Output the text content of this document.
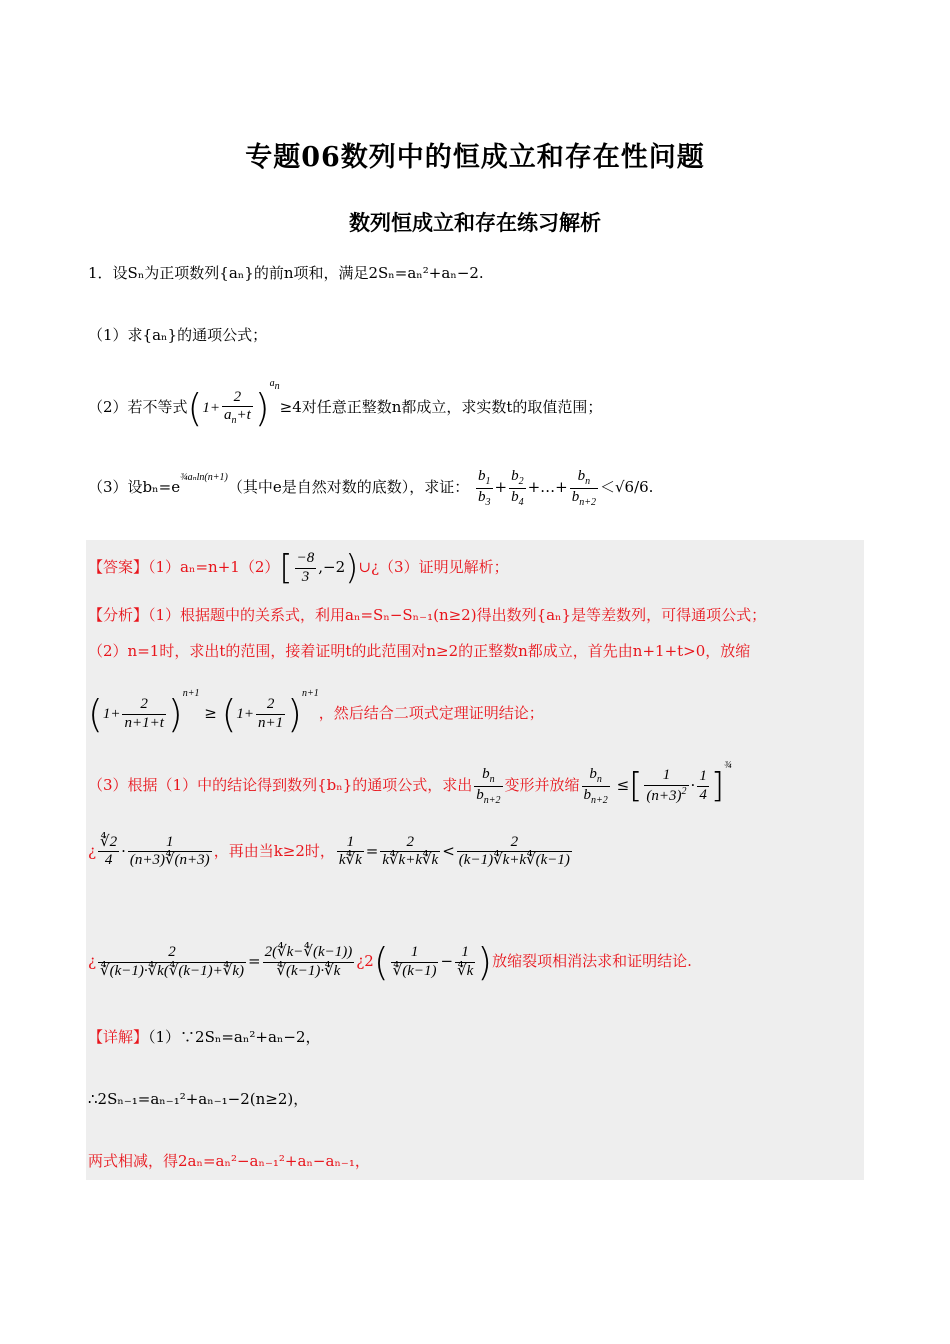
专题06数列中的恒成立和存在性问题
数列恒成立和存在练习解析
1．设Sₙ为正项数列{aₙ}的前n项和，满足2Sₙ=aₙ²+aₙ−2.
（1）求{aₙ}的通项公式；
（2）若不等式$(1+ \frac{2}{a_n+t} )^{a_n}\ge 4$对任意正整数n都成立，求实数t的取值范围；
（3）设$b_n=e^{\frac{3}{4}a_nln(n+1)}$（其中e是自然对数的底数），求证： $\frac{b_1}{b_3} + \frac{b_2}{b_4}$ +…+ $\frac{b_n}{b_{n+2}} <√6/6$.
【答案】$(1)a_n=n+1(2)[ \frac{-8}{3}$ ,−2)∪¿（3）证明见解析；
【分析】（1）根据题中的关系式，利用aₙ=Sₙ−Sₙ₋₁(n≥2)得出数列{aₙ}是等差数列，可得通项公式；
（2）n=1时，求出t的范围，接着证明t的此范围对n≥2的正整数n都成立，首先由n+1+t>0，放缩
$(1+ \frac{2}{n+1+t} )^{n+1} \ge (1+ \frac{2}{n+1} )^{n+1}$，然后结合二项式定理证明结论；
（3）根据（1）中的结论得到数列{bₙ}的通项公式，求出 $\frac{b_n}{b_{n+2}}$ 变形并放缩 $\frac{b_n}{b_{n+2}}$ ≤[ $\frac{1}{(n+3)^2} \cdot \frac{1}{4} ]^{\frac{3}{4}}$
¿ $\frac{∜2}{4} \cdot \frac{1}{(n+3)∜(n+3)}$ ，再由当k≥2时， $\frac{1}{k∜k} = \frac{2}{k∜k+k∜k} < \frac{2}{(k-1)∜k+k∜(k-1)}$
¿ $\frac{2}{∜(k-1)\cdot∜k(∜(k-1)+∜k)} = \frac{2(∜k-∜(k-1))}{∜(k-1)\cdot∜k}$ ¿$2( \frac{1}{∜(k-1)} - \frac{1}{∜k}$ )放缩裂项相消法求和证明结论.
【详解】（1）∵2Sₙ=aₙ²+aₙ−2，
∴2Sₙ₋₁=aₙ₋₁²+aₙ₋₁−2(n≥2)，
两式相减，得2aₙ=aₙ²−aₙ₋₁²+aₙ−aₙ₋₁，
